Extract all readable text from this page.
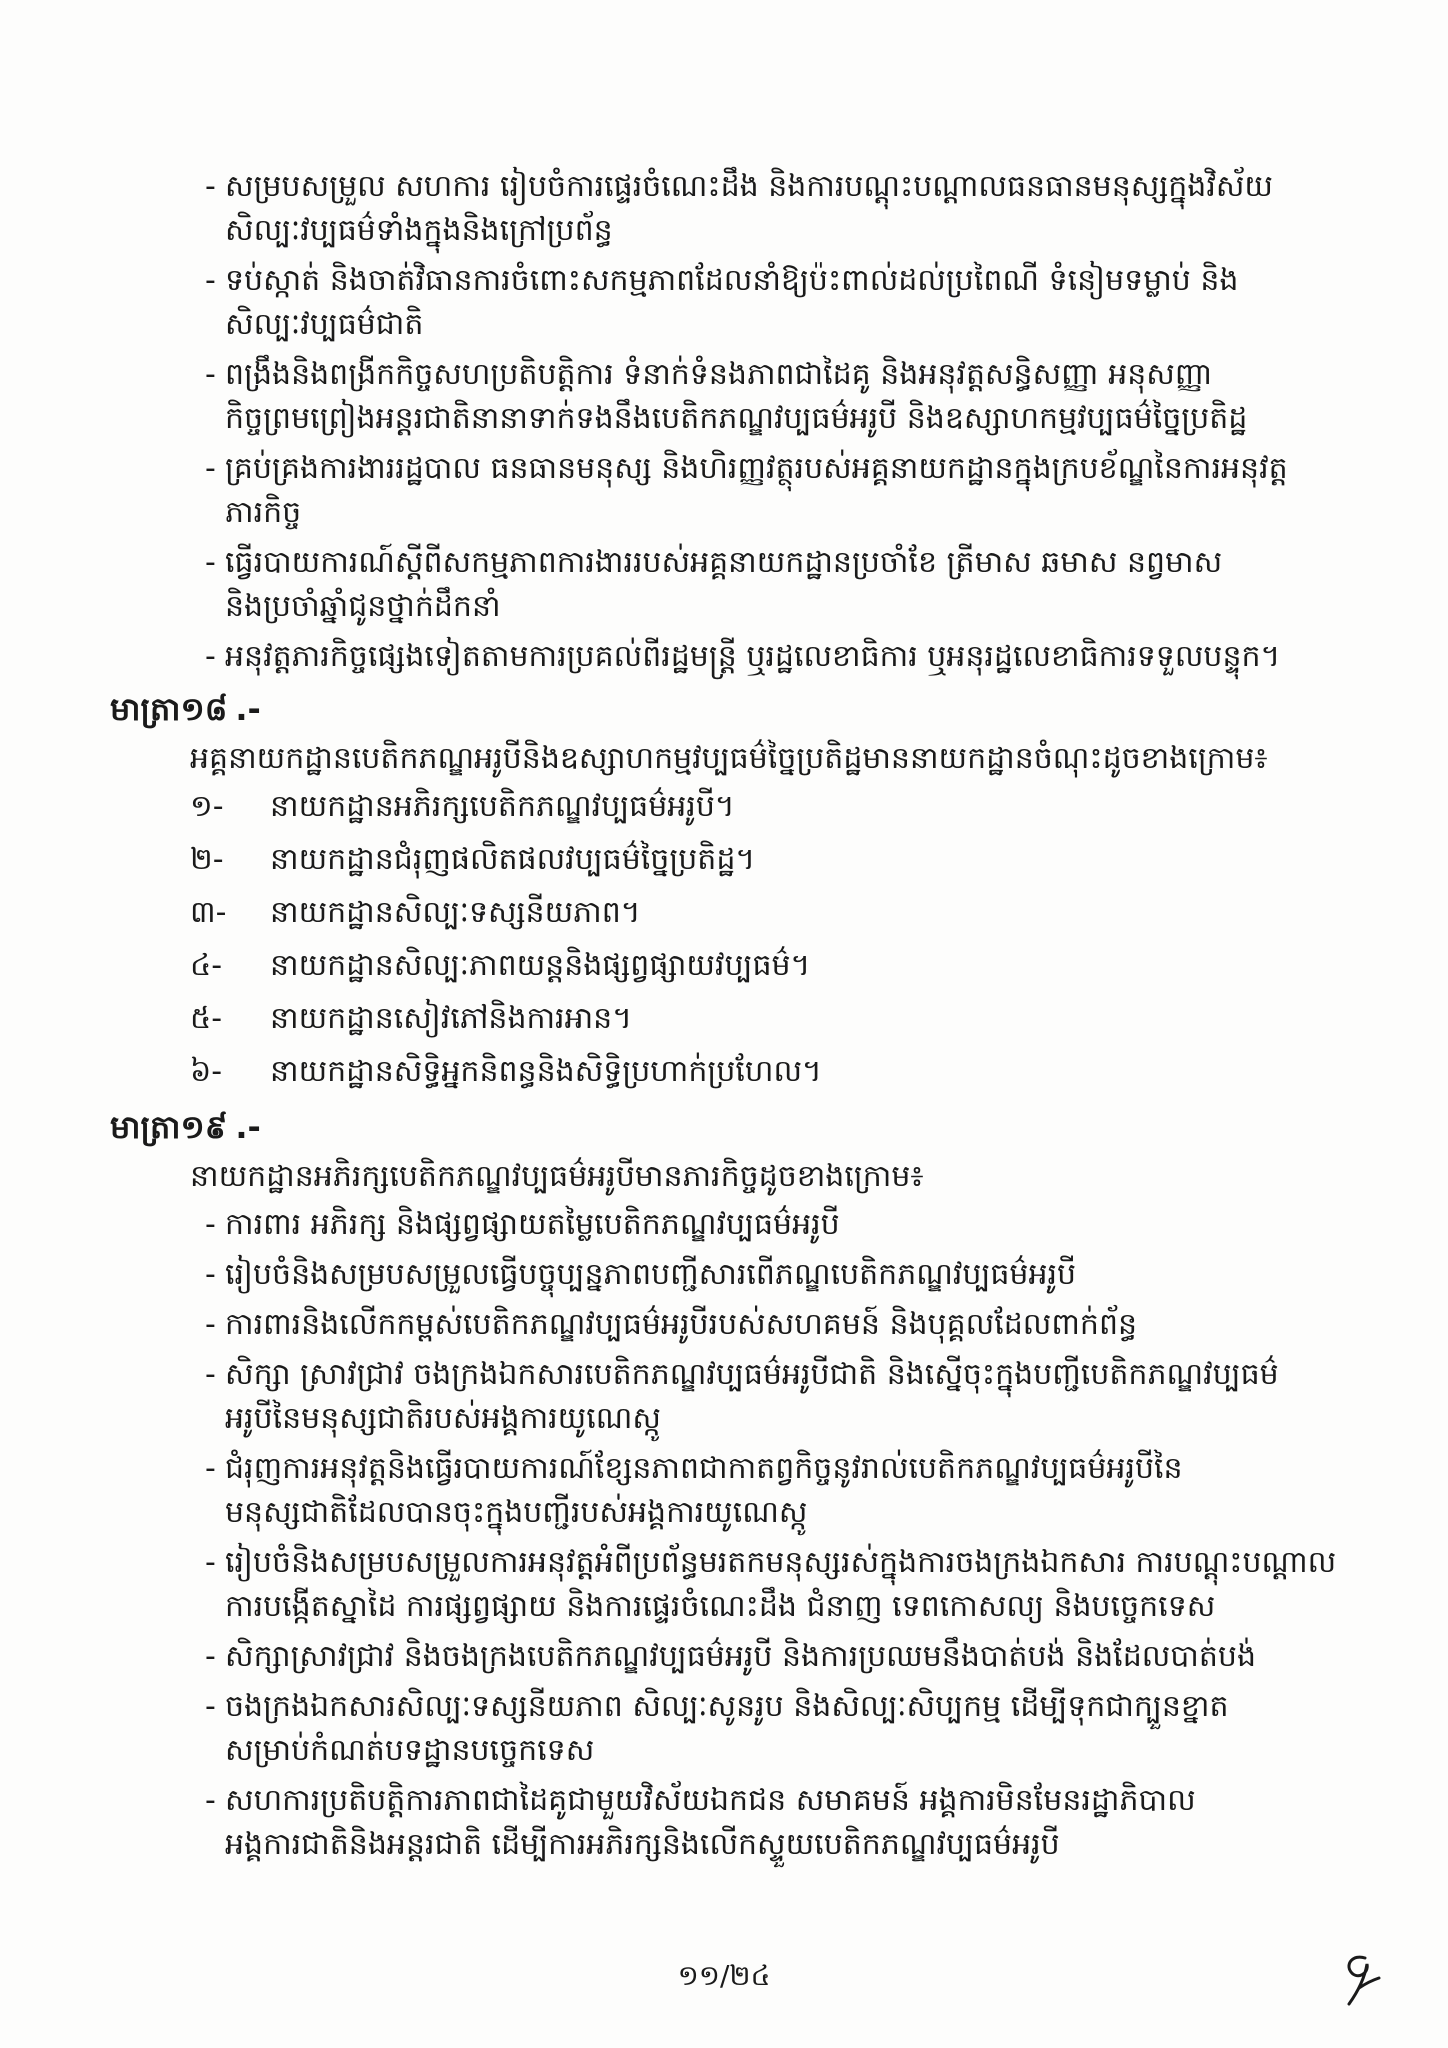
- សម្របសម្រួល សហការ រៀបចំការផ្ទេរចំណេះដឹង និងការបណ្តុះបណ្តាលធនធានមនុស្សក្នុងវិស័យ
សិល្បៈវប្បធម៌ទាំងក្នុងនិងក្រៅប្រព័ន្ធ
- ទប់ស្កាត់ និងចាត់វិធានការចំពោះសកម្មភាពដែលនាំឱ្យប៉ះពាល់ដល់ប្រពៃណី ទំនៀមទម្លាប់ និង
សិល្បៈវប្បធម៌ជាតិ
- ពង្រឹងនិងពង្រីកកិច្ចសហប្រតិបត្តិការ ទំនាក់ទំនងភាពជាដៃគូ និងអនុវត្តសន្ធិសញ្ញា អនុសញ្ញា
កិច្ចព្រមព្រៀងអន្តរជាតិនានាទាក់ទងនឹងបេតិកភណ្ឌវប្បធម៌អរូបី និងឧស្សាហកម្មវប្បធម៌ច្នៃប្រតិដ្ឋ
- គ្រប់គ្រងការងាររដ្ឋបាល ធនធានមនុស្ស និងហិរញ្ញវត្ថុរបស់អគ្គនាយកដ្ឋានក្នុងក្របខ័ណ្ឌនៃការអនុវត្ត
ភារកិច្ច
- ធ្វើរបាយការណ៍ស្តីពីសកម្មភាពការងាររបស់អគ្គនាយកដ្ឋានប្រចាំខែ ត្រីមាស ឆមាស នព្វមាស
និងប្រចាំឆ្នាំជូនថ្នាក់ដឹកនាំ
- អនុវត្តភារកិច្ចផ្សេងទៀតតាមការប្រគល់ពីរដ្ឋមន្ត្រី ឬរដ្ឋលេខាធិការ ឬអនុរដ្ឋលេខាធិការទទួលបន្ទុក។
មាត្រា១៨ .-
អគ្គនាយកដ្ឋានបេតិកភណ្ឌអរូបីនិងឧស្សាហកម្មវប្បធម៌ច្នៃប្រតិដ្ឋមាននាយកដ្ឋានចំណុះដូចខាងក្រោម៖
១-	នាយកដ្ឋានអភិរក្សបេតិកភណ្ឌវប្បធម៌អរូបី។
២-	នាយកដ្ឋានជំរុញផលិតផលវប្បធម៌ច្នៃប្រតិដ្ឋ។
៣-	នាយកដ្ឋានសិល្បៈទស្សនីយភាព។
៤-	នាយកដ្ឋានសិល្បៈភាពយន្តនិងផ្សព្វផ្សាយវប្បធម៌។
៥-	នាយកដ្ឋានសៀវភៅនិងការអាន។
៦-	នាយកដ្ឋានសិទ្ធិអ្នកនិពន្ធនិងសិទ្ធិប្រហាក់ប្រហែល។
មាត្រា១៩ .-
នាយកដ្ឋានអភិរក្សបេតិកភណ្ឌវប្បធម៌អរូបីមានភារកិច្ចដូចខាងក្រោម៖
- ការពារ អភិរក្ស និងផ្សព្វផ្សាយតម្លៃបេតិកភណ្ឌវប្បធម៌អរូបី
- រៀបចំនិងសម្របសម្រួលធ្វើបច្ចុប្បន្នភាពបញ្ជីសារពើភណ្ឌបេតិកភណ្ឌវប្បធម៌អរូបី
- ការពារនិងលើកកម្ពស់បេតិកភណ្ឌវប្បធម៌អរូបីរបស់សហគមន៍ និងបុគ្គលដែលពាក់ព័ន្ធ
- សិក្សា ស្រាវជ្រាវ ចងក្រងឯកសារបេតិកភណ្ឌវប្បធម៌អរូបីជាតិ និងស្នើចុះក្នុងបញ្ជីបេតិកភណ្ឌវប្បធម៌
អរូបីនៃមនុស្សជាតិរបស់អង្គការយូណេស្កូ
- ជំរុញការអនុវត្តនិងធ្វើរបាយការណ៍ខ្សែនភាពជាកាតព្វកិច្ចនូវរាល់បេតិកភណ្ឌវប្បធម៌អរូបីនៃ
មនុស្សជាតិដែលបានចុះក្នុងបញ្ជីរបស់អង្គការយូណេស្កូ
- រៀបចំនិងសម្របសម្រួលការអនុវត្តអំពីប្រព័ន្ធមរតកមនុស្សរស់ក្នុងការចងក្រងឯកសារ ការបណ្តុះបណ្តាល
ការបង្កើតស្នាដៃ ការផ្សព្វផ្សាយ និងការផ្ទេរចំណេះដឹង ជំនាញ ទេពកោសល្យ និងបច្ចេកទេស
- សិក្សាស្រាវជ្រាវ និងចងក្រងបេតិកភណ្ឌវប្បធម៌អរូបី និងការប្រឈមនឹងបាត់បង់ និងដែលបាត់បង់
- ចងក្រងឯកសារសិល្បៈទស្សនីយភាព សិល្បៈសូនរូប និងសិល្បៈសិប្បកម្ម ដើម្បីទុកជាក្បួនខ្នាត
សម្រាប់កំណត់បទដ្ឋានបច្ចេកទេស
- សហការប្រតិបត្តិការភាពជាដៃគូជាមួយវិស័យឯកជន សមាគមន៍ អង្គការមិនមែនរដ្ឋាភិបាល
អង្គការជាតិនិងអន្តរជាតិ ដើម្បីការអភិរក្សនិងលើកស្ទួយបេតិកភណ្ឌវប្បធម៌អរូបី
១១/២៤
